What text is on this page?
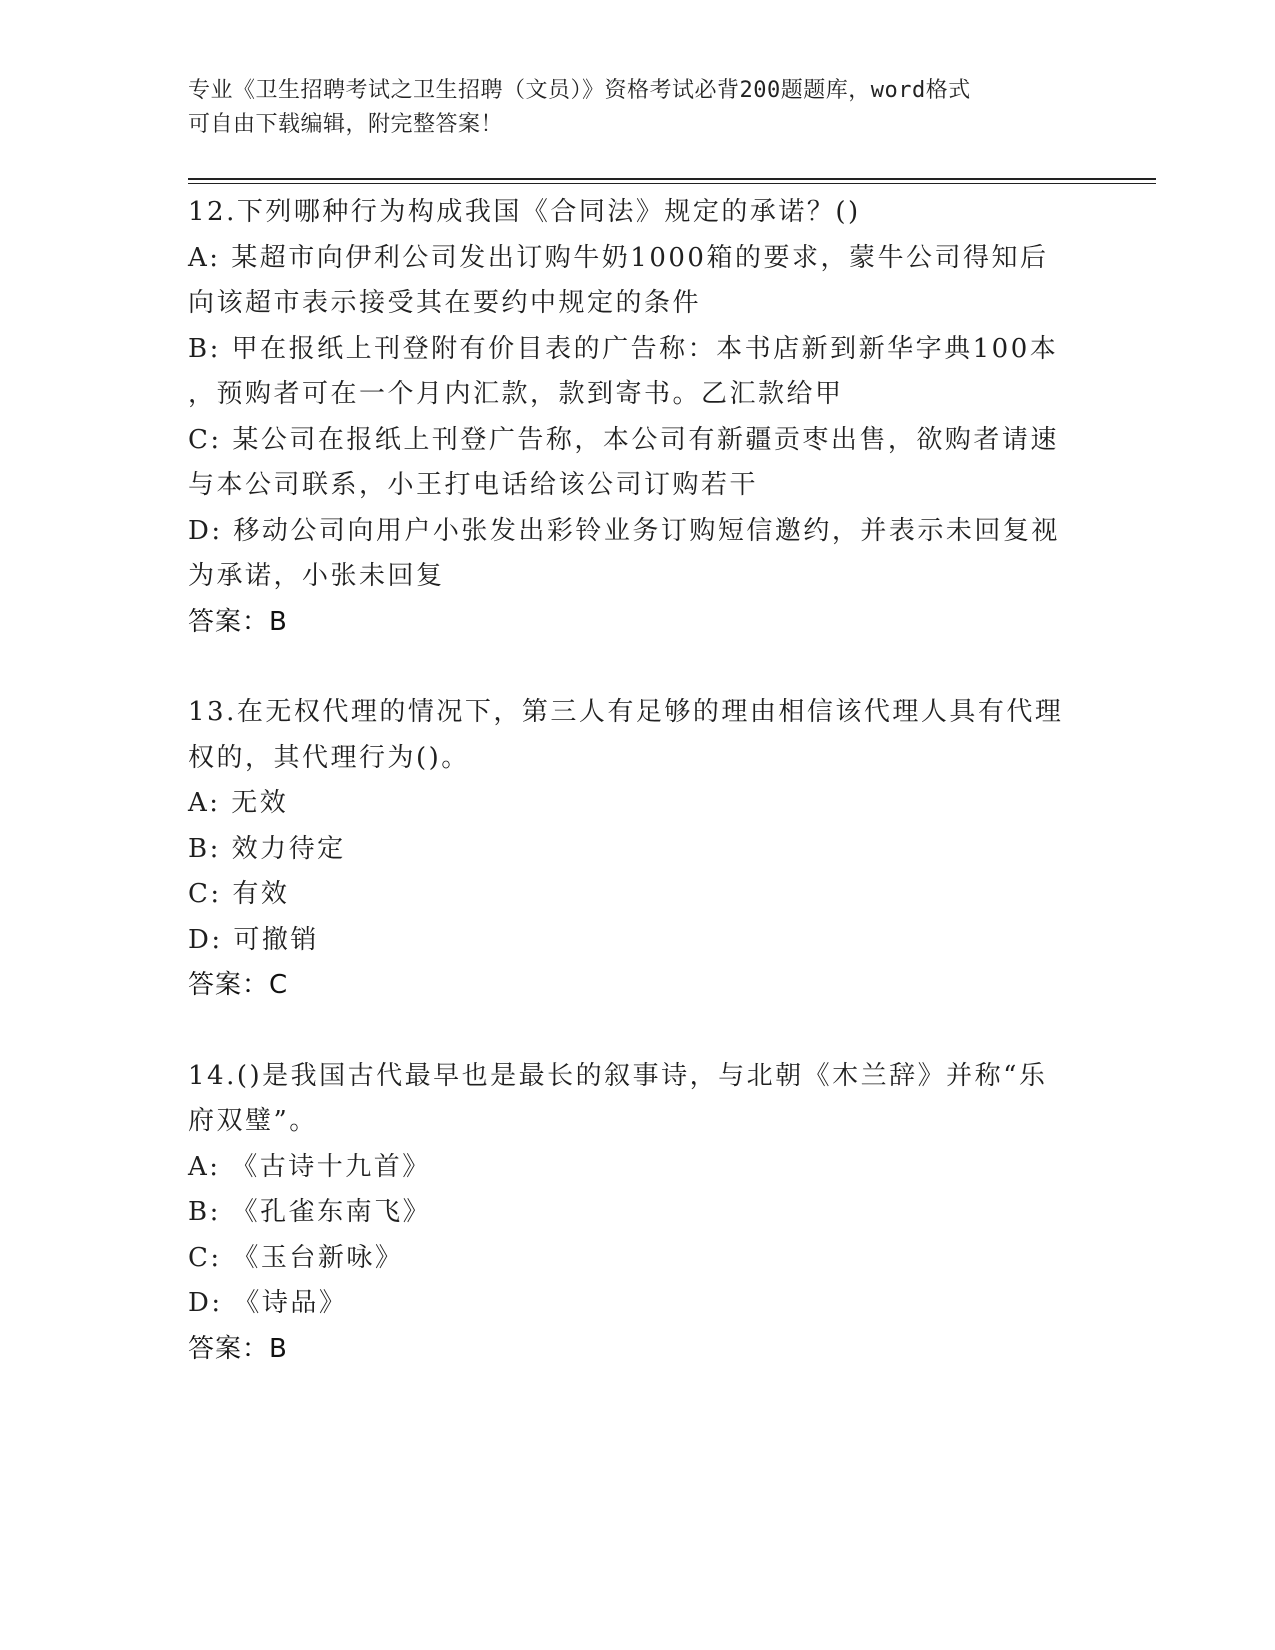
专业《卫生招聘考试之卫生招聘（文员）》资格考试必背200题题库，word格式
可自由下载编辑，附完整答案！
12.下列哪种行为构成我国《合同法》规定的承诺？()
A: 某超市向伊利公司发出订购牛奶1000箱的要求，蒙牛公司得知后
向该超市表示接受其在要约中规定的条件
B: 甲在报纸上刊登附有价目表的广告称：本书店新到新华字典100本
，预购者可在一个月内汇款，款到寄书。乙汇款给甲
C: 某公司在报纸上刊登广告称，本公司有新疆贡枣出售，欲购者请速
与本公司联系，小王打电话给该公司订购若干
D: 移动公司向用户小张发出彩铃业务订购短信邀约，并表示未回复视
为承诺，小张未回复
答案：B
13.在无权代理的情况下，第三人有足够的理由相信该代理人具有代理
权的，其代理行为()。
A: 无效
B: 效力待定
C: 有效
D: 可撤销
答案：C
14.()是我国古代最早也是最长的叙事诗，与北朝《木兰辞》并称“乐
府双璧”。
A: 《古诗十九首》
B: 《孔雀东南飞》
C: 《玉台新咏》
D: 《诗品》
答案：B
